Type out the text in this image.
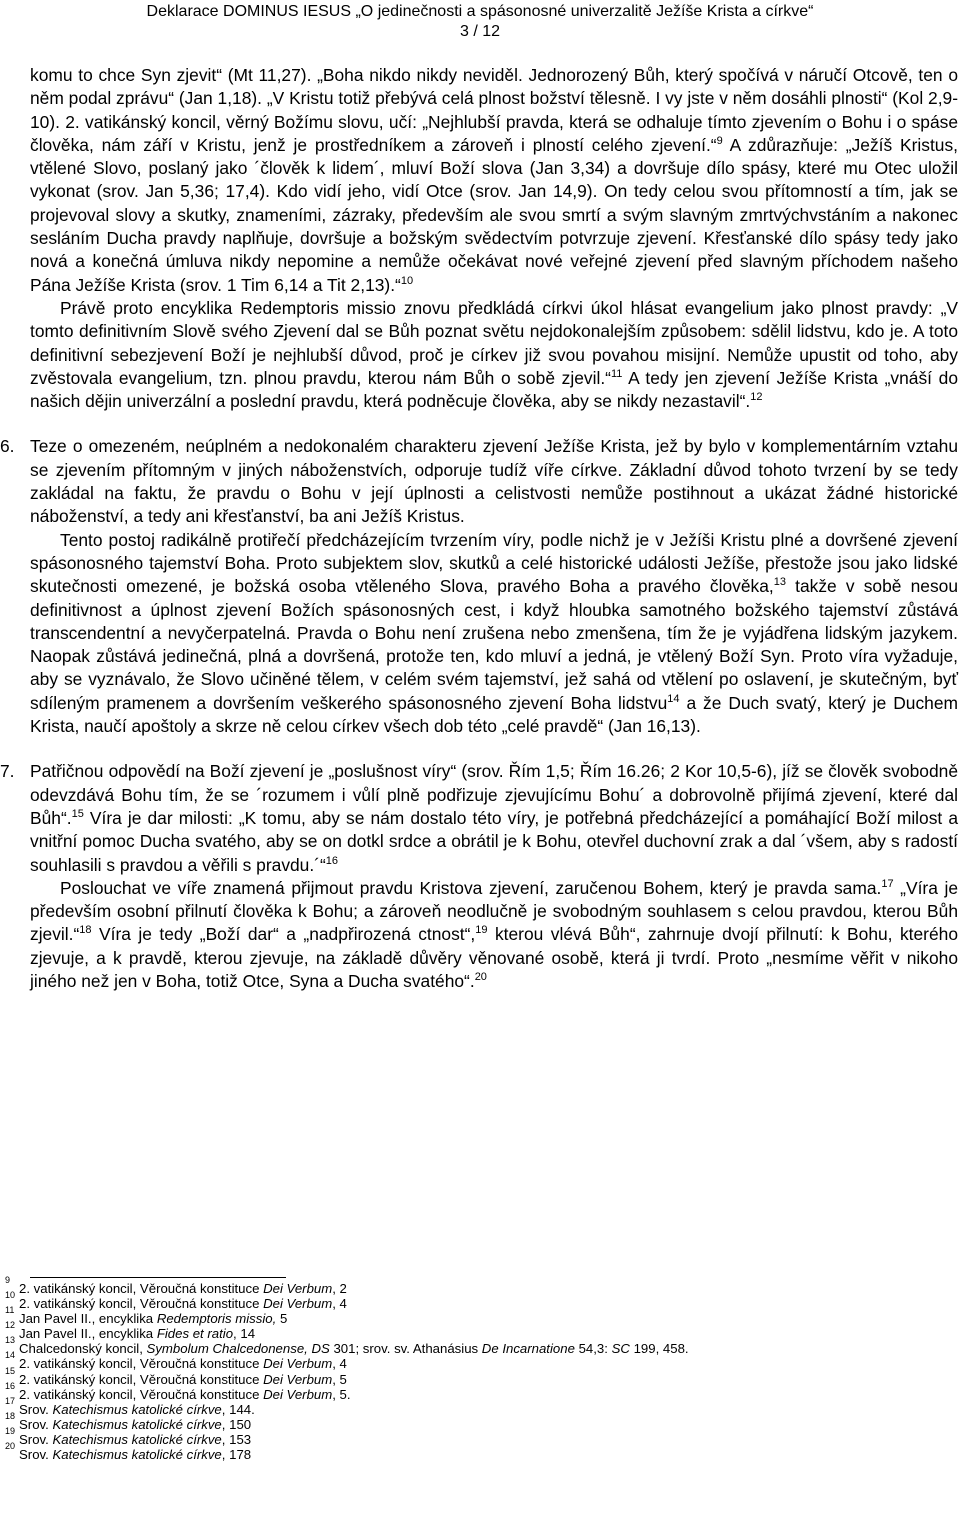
Deklarace DOMINUS IESUS „O jedinečnosti a spásonosné univerzalitě Ježíše Krista a církve“
3 / 12

komu to chce Syn zjevit“ (Mt 11,27). „Boha nikdo nikdy neviděl. Jednorozený Bůh, který spočívá v náručí Otcově, ten o něm podal zprávu“ (Jan 1,18). „V Kristu totiž přebývá celá plnost božství tělesně. I vy jste v něm dosáhli plnosti“ (Kol 2,9-10). 2. vatikánský koncil, věrný Božímu slovu, učí: „Nejhlubší pravda, která se odhaluje tímto zjevením o Bohu i o spáse člověka, nám září v Kristu, jenž je prostředníkem a zároveň i plností celého zjevení.“$^9$ A zdůrazňuje: „Ježíš Kristus, vtělené Slovo, poslaný jako ´člověk k lidem´, mluví Boží slova (Jan 3,34) a dovršuje dílo spásy, které mu Otec uložil vykonat (srov. Jan 5,36; 17,4). Kdo vidí jeho, vidí Otce (srov. Jan 14,9). On tedy celou svou přítomností a tím, jak se projevoval slovy a skutky, znameními, zázraky, především ale svou smrtí a svým slavným zmrtvýchvstáním a nakonec sesláním Ducha pravdy naplňuje, dovršuje a božským svědectvím potvrzuje zjevení. Křesťanské dílo spásy tedy jako nová a konečná úmluva nikdy nepomine a nemůže očekávat nové veřejné zjevení před slavným příchodem našeho Pána Ježíše Krista (srov. 1 Tim 6,14 a Tit 2,13).“$^{10}$

Právě proto encyklika Redemptoris missio znovu předkládá církvi úkol hlásat evangelium jako plnost pravdy: „V tomto definitivním Slově svého Zjevení dal se Bůh poznat světu nejdokonalejším způsobem: sdělil lidstvu, kdo je. A toto definitivní sebezjevení Boží je nejhlubší důvod, proč je církev již svou povahou misijní. Nemůže upustit od toho, aby zvěstovala evangelium, tzn. plnou pravdu, kterou nám Bůh o sobě zjevil.“$^{11}$ A tedy jen zjevení Ježíše Krista „vnáší do našich dějin univerzální a poslední pravdu, která podněcuje člověka, aby se nikdy nezastavil“.$^{12}$

6. Teze o omezeném, neúplném a nedokonalém charakteru zjevení Ježíše Krista, jež by bylo v komplementárním vztahu se zjevením přítomným v jiných náboženstvích, odporuje tudíž víře církve. Základní důvod tohoto tvrzení by se tedy zakládal na faktu, že pravdu o Bohu v její úplnosti a celistvosti nemůže postihnout a ukázat žádné historické náboženství, a tedy ani křesťanství, ba ani Ježíš Kristus.

Tento postoj radikálně protiřečí předcházejícím tvrzením víry, podle nichž je v Ježíši Kristu plné a dovršené zjevení spásonosného tajemství Boha. Proto subjektem slov, skutků a celé historické události Ježíše, přestože jsou jako lidské skutečnosti omezené, je božská osoba vtěleného Slova, pravého Boha a pravého člověka,$^{13}$ takže v sobě nesou definitivnost a úplnost zjevení Božích spásonosných cest, i když hloubka samotného božského tajemství zůstává transcendentní a nevyčerpatelná. Pravda o Bohu není zrušena nebo zmenšena, tím že je vyjádřena lidským jazykem. Naopak zůstává jedinečná, plná a dovršená, protože ten, kdo mluví a jedná, je vtělený Boží Syn. Proto víra vyžaduje, aby se vyznávalo, že Slovo učiněné tělem, v celém svém tajemství, jež sahá od vtělení po oslavení, je skutečným, byť sdíleným pramenem a dovršením veškerého spásonosného zjevení Boha lidstvu$^{14}$ a že Duch svatý, který je Duchem Krista, naučí apoštoly a skrze ně celou církev všech dob této „celé pravdě“ (Jan 16,13).

7. Patřičnou odpovědí na Boží zjevení je „poslušnost víry“ (srov. Řím 1,5; Řím 16.26; 2 Kor 10,5-6), jíž se člověk svobodně odevzdává Bohu tím, že se ´rozumem i vůlí plně podřizuje zjevujícímu Bohu´ a dobrovolně přijímá zjevení, které dal Bůh“.$^{15}$ Víra je dar milosti: „K tomu, aby se nám dostalo této víry, je potřebná předcházející a pomáhající Boží milost a vnitřní pomoc Ducha svatého, aby se on dotkl srdce a obrátil je k Bohu, otevřel duchovní zrak a dal ´všem, aby s radostí souhlasili s pravdou a věřili s pravdu.´“$^{16}$

Poslouchat ve víře znamená přijmout pravdu Kristova zjevení, zaručenou Bohem, který je pravda sama.$^{17}$ „Víra je především osobní přilnutí člověka k Bohu; a zároveň neodlučně je svobodným souhlasem s celou pravdou, kterou Bůh zjevil.“$^{18}$ Víra je tedy „Boží dar“ a „nadpřirozená ctnost“,$^{19}$ kterou vlévá Bůh“, zahrnuje dvojí přilnutí: k Bohu, kterého zjevuje, a k pravdě, kterou zjevuje, na základě důvěry věnované osobě, která ji tvrdí. Proto „nesmíme věřit v nikoho jiného než jen v Boha, totiž Otce, Syna a Ducha svatého“.$^{20}$

9
2. vatikánský koncil, Věroučná konstituce Dei Verbum, 2
10
2. vatikánský koncil, Věroučná konstituce Dei Verbum, 4
11
Jan Pavel II., encyklika Redemptoris missio, 5
12
Jan Pavel II., encyklika Fides et ratio, 14
13
Chalcedonský koncil, Symbolum Chalcedonense, DS 301; srov. sv. Athanásius De Incarnatione 54,3: SC 199, 458.
14
2. vatikánský koncil, Věroučná konstituce Dei Verbum, 4
15
2. vatikánský koncil, Věroučná konstituce Dei Verbum, 5
16
2. vatikánský koncil, Věroučná konstituce Dei Verbum, 5.
17
Srov. Katechismus katolické církve, 144.
18
Srov. Katechismus katolické církve, 150
19
Srov. Katechismus katolické církve, 153
20
Srov. Katechismus katolické církve, 178
